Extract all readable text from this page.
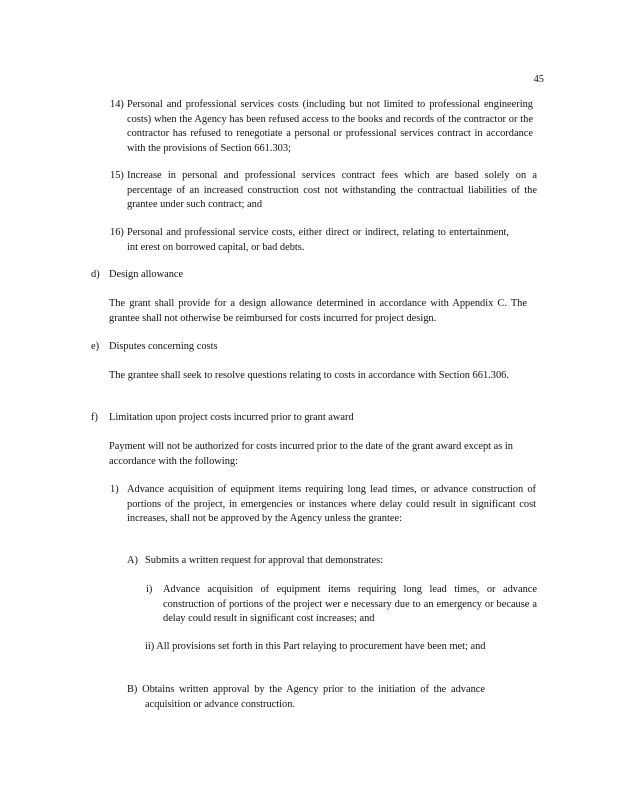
45
14) Personal and professional services costs (including but not limited to professional engineering costs) when the Agency has been refused access to the books and records of the contractor or the contractor has refused to renegotiate a personal or professional services contract in accordance with the provisions of Section 661.303;

15) Increase in personal and professional services contract fees which are based solely on a percentage of an increased construction cost not withstanding the contractual liabilities of the grantee under such contract; and

16) Personal and professional service costs, either direct or indirect, relating to entertainment, int erest on borrowed capital, or bad debts.

d) Design allowance

The grant shall provide for a design allowance determined in accordance with Appendix C. The grantee shall not otherwise be reimbursed for costs incurred for project design.

e) Disputes concerning costs

The grantee shall seek to resolve questions relating to costs in accordance with Section 661.306.

f) Limitation upon project costs incurred prior to grant award

Payment will not be authorized for costs incurred prior to the date of the grant award except as in accordance with the following:

1) Advance acquisition of equipment items requiring long lead times, or advance construction of portions of the project, in emergencies or instances where delay could result in significant cost increases, shall not be approved by the Agency unless the grantee:

A) Submits a written request for approval that demonstrates:

i) Advance acquisition of equipment items requiring long lead times, or advance construction of portions of the project wer e necessary due to an emergency or because a delay could result in significant cost increases; and

ii) All provisions set forth in this Part relaying to procurement have been met; and

B) Obtains written approval by the Agency prior to the initiation of the advance acquisition or advance construction.
